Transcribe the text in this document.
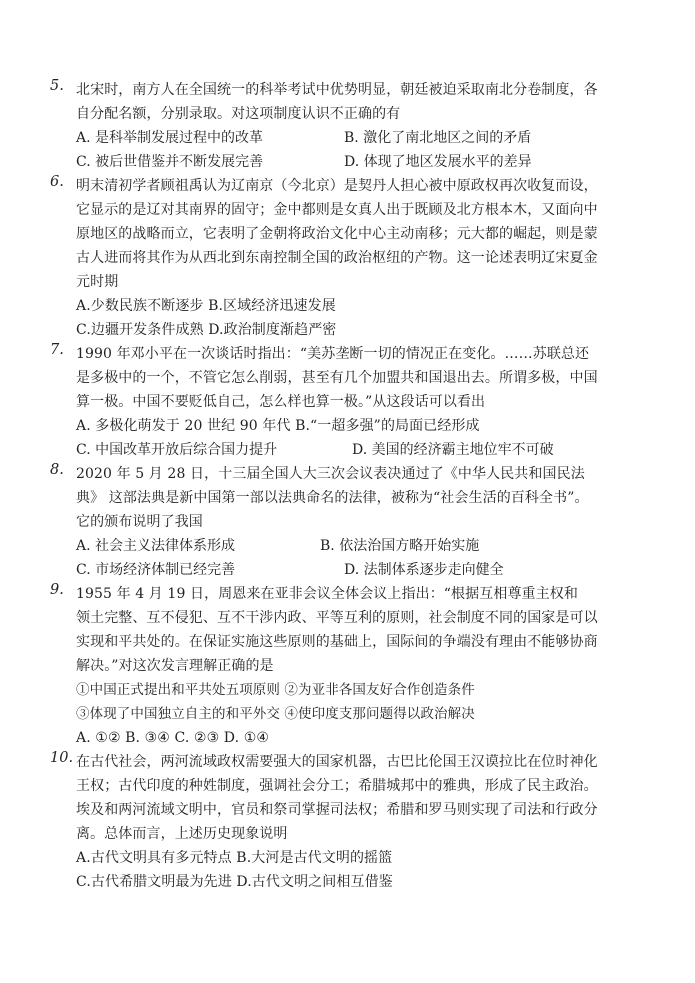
5. 北宋时，南方人在全国统一的科举考试中优势明显，朝廷被迫采取南北分卷制度，各
自分配名额，分别录取。对这项制度认识不正确的有
A. 是科举制发展过程中的改革	B. 激化了南北地区之间的矛盾
C. 被后世借鉴并不断发展完善	D. 体现了地区发展水平的差异
6. 明末清初学者顾祖禹认为辽南京（今北京）是契丹人担心被中原政权再次收复而设，
它显示的是辽对其南界的固守；金中都则是女真人出于既顾及北方根本木，又面向中
原地区的战略而立，它表明了金朝将政治文化中心主动南移；元大都的崛起，则是蒙
古人进而将其作为从西北到东南控制全国的政治枢纽的产物。这一论述表明辽宋夏金
元时期
A.少数民族不断逐步 B.区域经济迅速发展
C.边疆开发条件成熟 D.政治制度渐趋严密
7. 1990 年邓小平在一次谈话时指出：“美苏垄断一切的情况正在变化。……苏联总还
是多极中的一个，不管它怎么削弱，甚至有几个加盟共和国退出去。所谓多极，中国
算一极。中国不要贬低自己，怎么样也算一极。”从这段话可以看出
A. 多极化萌发于 20 世纪 90 年代 B.“一超多强”的局面已经形成
C. 中国改革开放后综合国力提升	D. 美国的经济霸主地位牢不可破
8. 2020 年 5 月 28 日，十三届全国人大三次会议表决通过了《中华人民共和国民法
典》 这部法典是新中国第一部以法典命名的法律，被称为“社会生活的百科全书”。
它的颁布说明了我国
A. 社会主义法律体系形成	B. 依法治国方略开始实施
C. 市场经济体制已经完善	D. 法制体系逐步走向健全
9. 1955 年 4 月 19 日，周恩来在亚非会议全体会议上指出：“根据互相尊重主权和
领土完整、互不侵犯、互不干涉内政、平等互利的原则，社会制度不同的国家是可以
实现和平共处的。在保证实施这些原则的基础上，国际间的争端没有理由不能够协商
解决。”对这次发言理解正确的是
①中国正式提出和平共处五项原则 ②为亚非各国友好合作创造条件
③体现了中国独立自主的和平外交 ④使印度支那问题得以政治解决
A. ①② B. ③④ C. ②③ D. ①④
10. 在古代社会，两河流域政权需要强大的国家机器，古巴比伦国王汉谟拉比在位时神化
王权；古代印度的种姓制度，强调社会分工；希腊城邦中的雅典，形成了民主政治。
埃及和两河流域文明中，官员和祭司掌握司法权；希腊和罗马则实现了司法和行政分
离。总体而言，上述历史现象说明
A.古代文明具有多元特点 B.大河是古代文明的摇篮
C.古代希腊文明最为先进 D.古代文明之间相互借鉴
